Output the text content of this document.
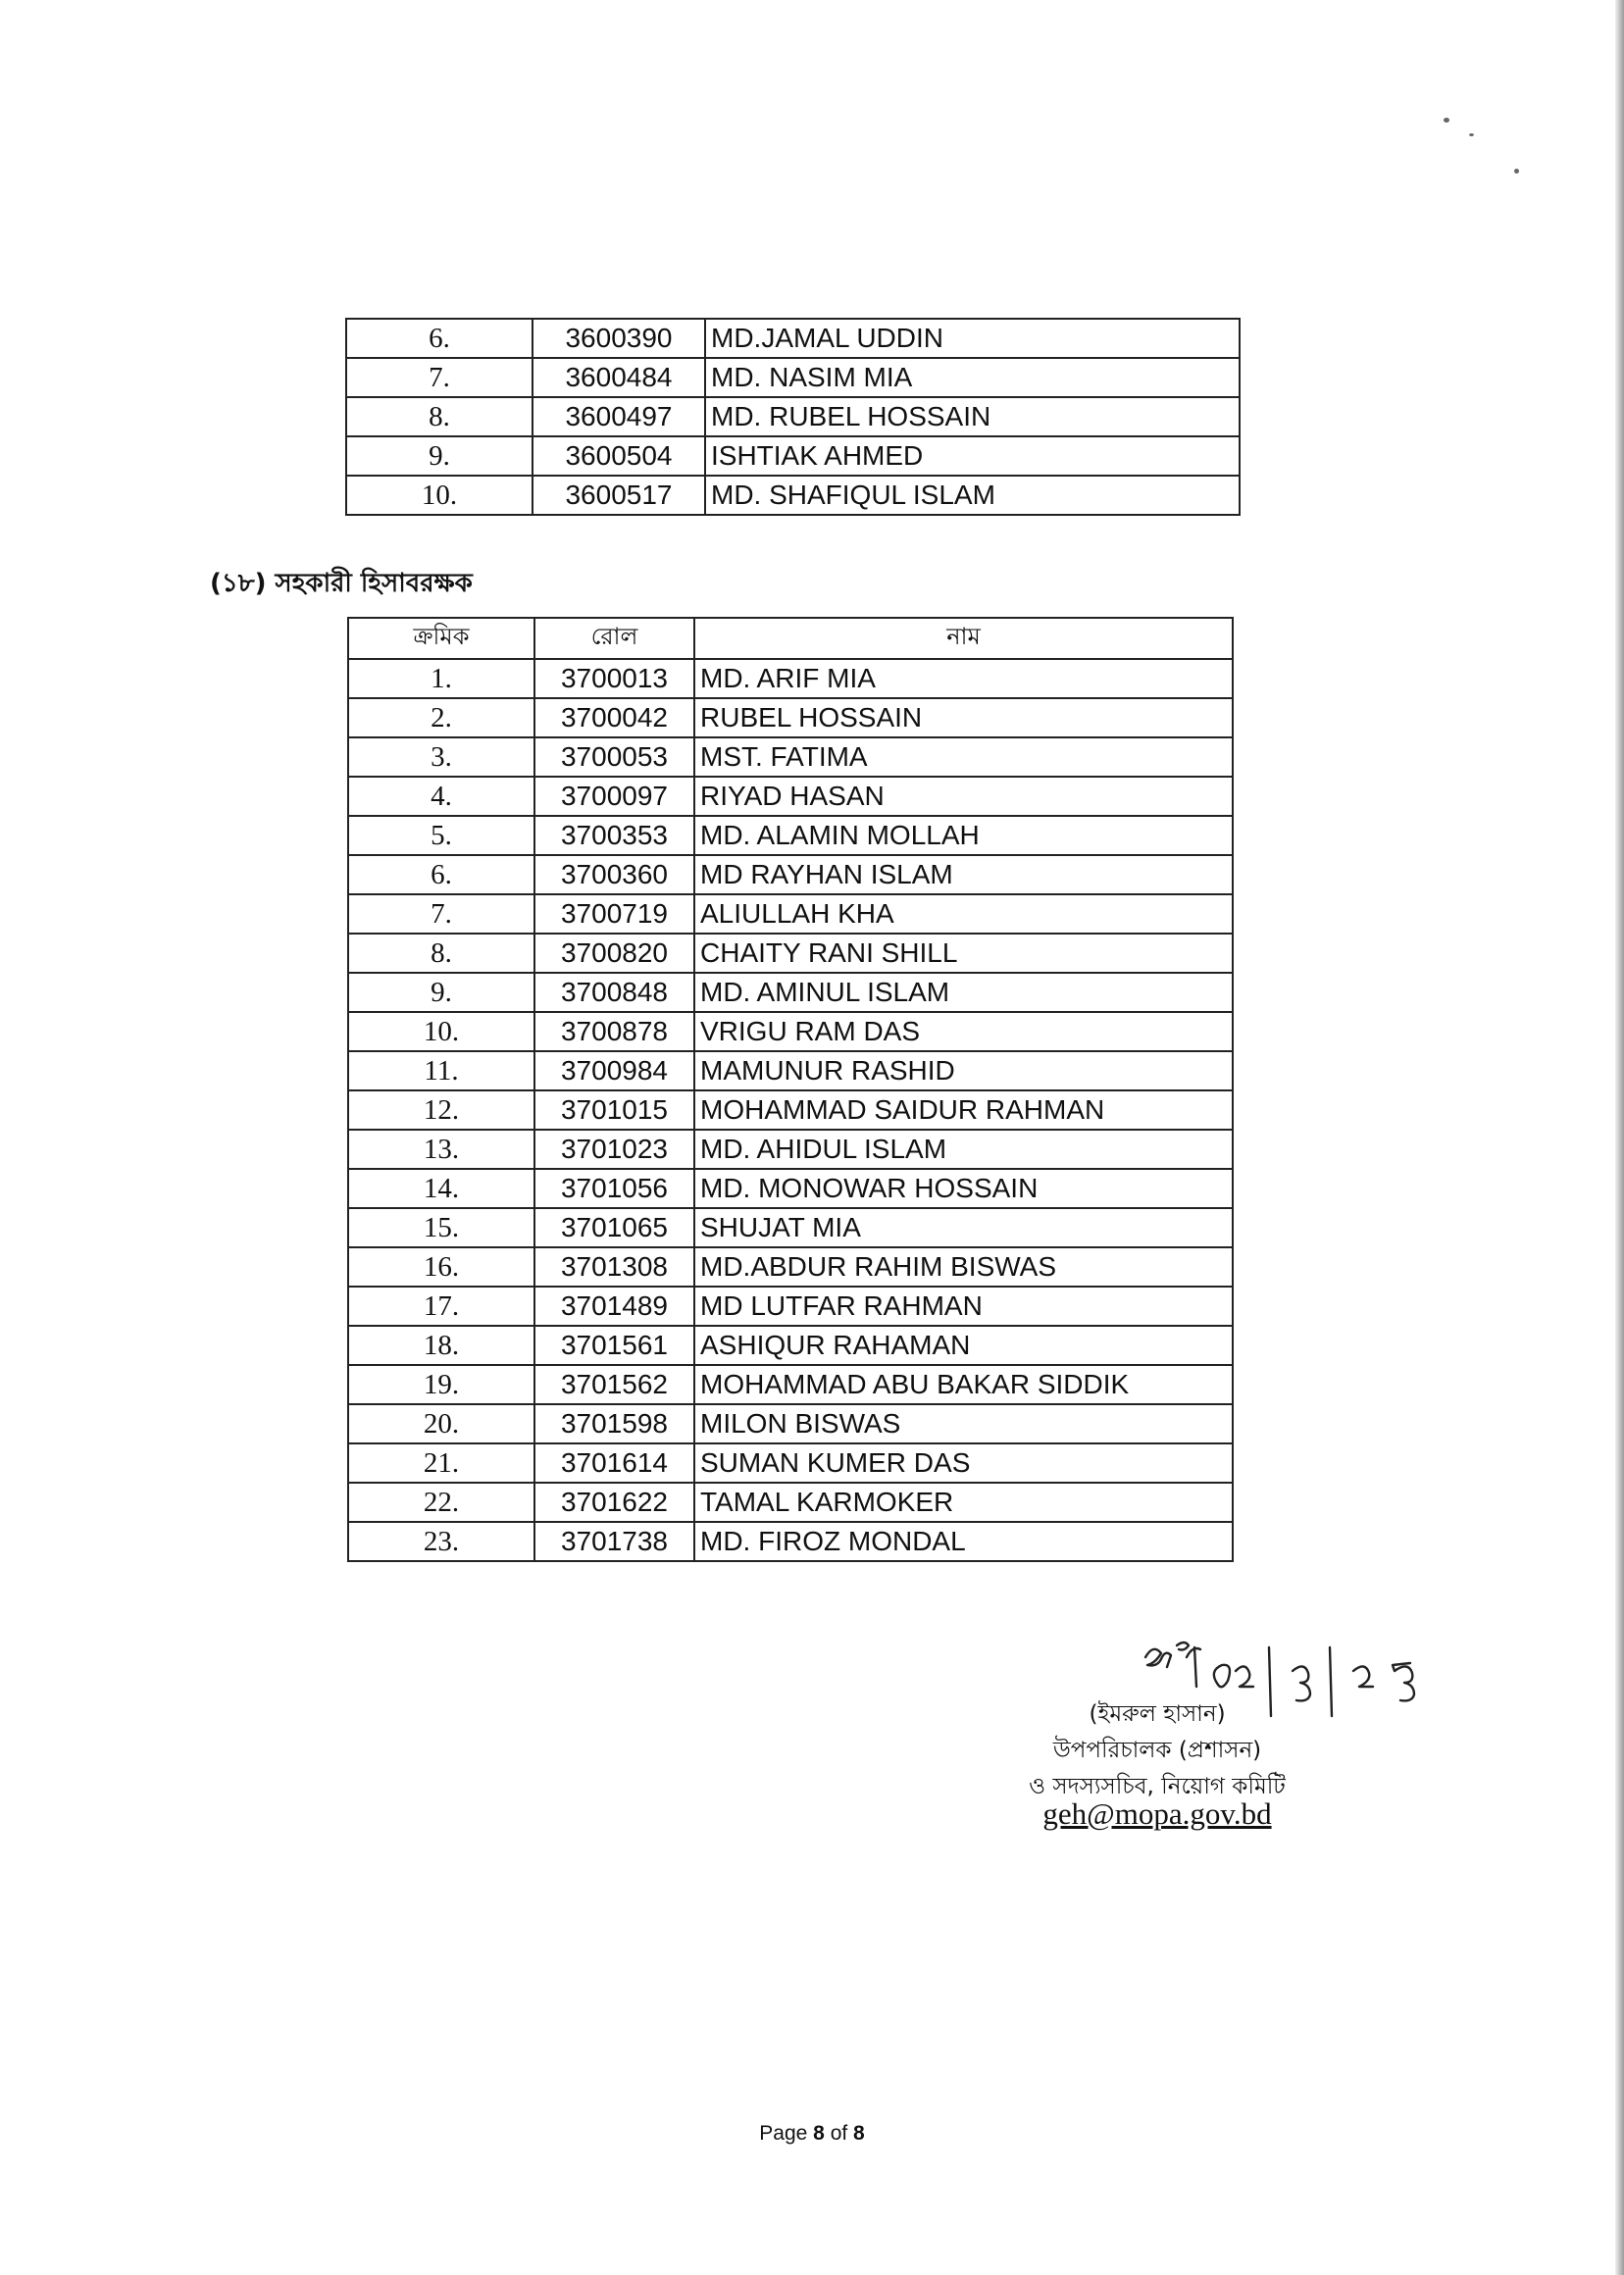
6.	3600390	MD.JAMAL UDDIN
7.	3600484	MD. NASIM MIA
8.	3600497	MD. RUBEL HOSSAIN
9.	3600504	ISHTIAK AHMED
10.	3600517	MD. SHAFIQUL ISLAM
(১৮) সহকারী হিসাবরক্ষক
ক্রমিক	রোল	নাম
1.	3700013	MD. ARIF MIA
2.	3700042	RUBEL HOSSAIN
3.	3700053	MST. FATIMA
4.	3700097	RIYAD HASAN
5.	3700353	MD. ALAMIN MOLLAH
6.	3700360	MD RAYHAN ISLAM
7.	3700719	ALIULLAH KHA
8.	3700820	CHAITY RANI SHILL
9.	3700848	MD. AMINUL ISLAM
10.	3700878	VRIGU RAM DAS
11.	3700984	MAMUNUR RASHID
12.	3701015	MOHAMMAD SAIDUR RAHMAN
13.	3701023	MD. AHIDUL ISLAM
14.	3701056	MD. MONOWAR HOSSAIN
15.	3701065	SHUJAT MIA
16.	3701308	MD.ABDUR RAHIM BISWAS
17.	3701489	MD LUTFAR RAHMAN
18.	3701561	ASHIQUR RAHAMAN
19.	3701562	MOHAMMAD ABU BAKAR SIDDIK
20.	3701598	MILON BISWAS
21.	3701614	SUMAN KUMER DAS
22.	3701622	TAMAL KARMOKER
23.	3701738	MD. FIROZ MONDAL
(ইমরুল হাসান)
উপপরিচালক (প্রশাসন)
ও সদস্যসচিব, নিয়োগ কমিটি
geh@mopa.gov.bd
Page 8 of 8
